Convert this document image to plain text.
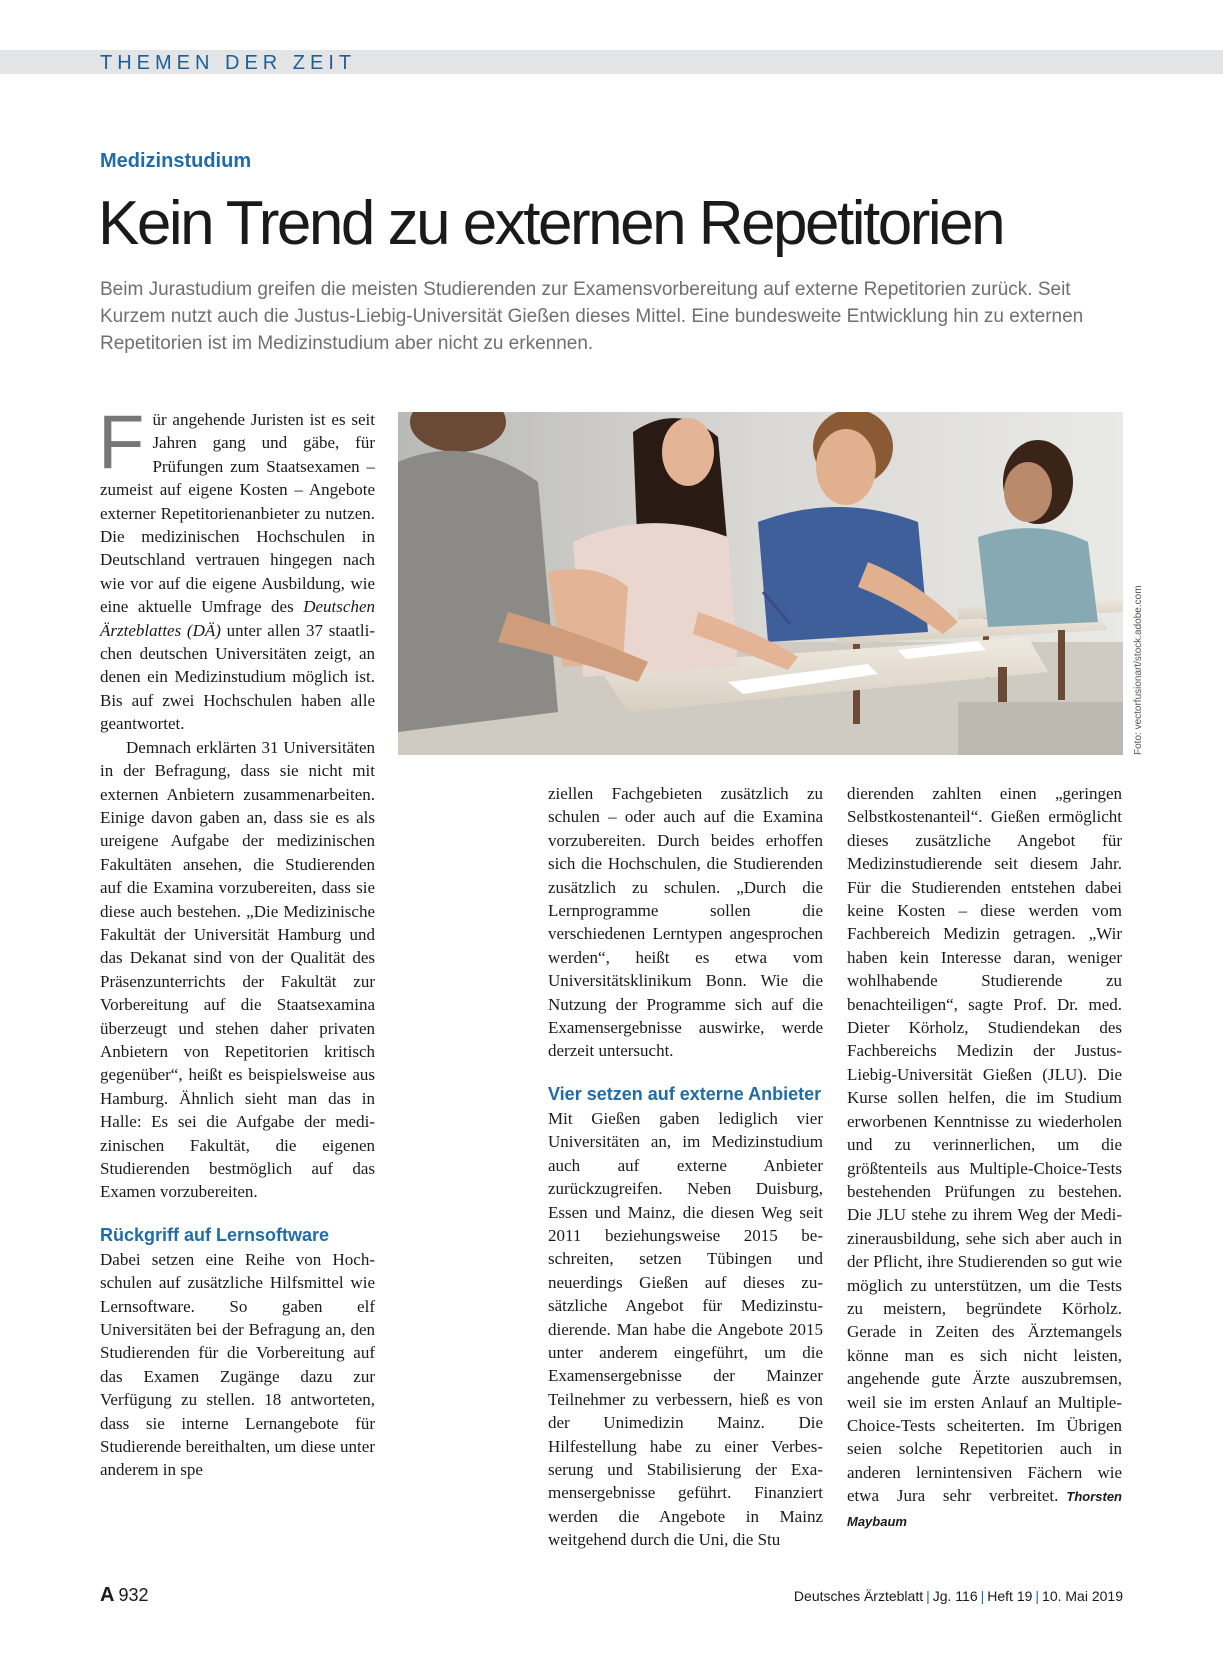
THEMEN DER ZEIT
Medizinstudium
Kein Trend zu externen Repetitorien

Beim Jurastudium greifen die meisten Studierenden zur Examensvorbereitung auf externe Repetitorien zurück. Seit Kurzem nutzt auch die Justus-Liebig-Universität Gießen dieses Mittel. Eine bundesweite Entwicklung hin zu externen Repetitorien ist im Medizinstudium aber nicht zu erkennen.

Foto: vectorfusionart/stock.adobe.com

Für angehende Juristen ist es seit Jahren gang und gäbe, für Prüfungen zum Staatsexamen – zumeist auf eigene Kosten – Angebote externer Repetitorienanbieter zu nutzen. Die medizinischen Hochschulen in Deutschland vertrauen hingegen nach wie vor auf die eigene Ausbildung, wie eine aktuelle Umfrage des Deutschen Ärzteblattes (DÄ) unter allen 37 staatlichen deutschen Universitäten zeigt, an denen ein Medizinstudium möglich ist. Bis auf zwei Hochschulen haben alle geantwortet.

Demnach erklärten 31 Universitäten in der Befragung, dass sie nicht mit externen Anbietern zusammenarbeiten. Einige davon gaben an, dass sie es als ureigene Aufgabe der medizinischen Fakultäten ansehen, die Studierenden auf die Examina vorzubereiten, dass sie diese auch bestehen. „Die Medizinische Fakultät der Universität Hamburg und das Dekanat sind von der Qualität des Präsenzunterrichts der Fakultät zur Vorbereitung auf die Staatsexamina überzeugt und stehen daher privaten Anbietern von Repetitorien kritisch gegenüber“, heißt es beispielsweise aus Hamburg. Ähnlich sieht man das in Halle: Es sei die Aufgabe der medizinischen Fakultät, die eigenen Studierenden bestmöglich auf das Examen vorzubereiten.

Rückgriff auf Lernsoftware

Dabei setzen eine Reihe von Hochschulen auf zusätzliche Hilfsmittel wie Lernsoftware. So gaben elf Universitäten bei der Befragung an, den Studierenden für die Vorbereitung auf das Examen Zugänge dazu zur Verfügung zu stellen. 18 antworteten, dass sie interne Lernangebote für Studierende bereithalten, um diese unter anderem in spe

ziellen Fachgebieten zusätzlich zu schulen – oder auch auf die Examina vorzubereiten. Durch beides erhoffen sich die Hochschulen, die Studierenden zusätzlich zu schulen. „Durch die Lernprogramme sollen die verschiedenen Lerntypen angesprochen werden“, heißt es etwa vom Universitätsklinikum Bonn. Wie die Nutzung der Programme sich auf die Examensergebnisse auswirke, werde derzeit untersucht.

Vier setzen auf externe Anbieter

Mit Gießen gaben lediglich vier Universitäten an, im Medizinstudium auch auf externe Anbieter zurückzugreifen. Neben Duisburg, Essen und Mainz, die diesen Weg seit 2011 beziehungsweise 2015 beschreiten, setzen Tübingen und neuerdings Gießen auf dieses zusätzliche Angebot für Medizinstudierende. Man habe die Angebote 2015 unter anderem eingeführt, um die Examensergebnisse der Mainzer Teilnehmer zu verbessern, hieß es von der Unimedizin Mainz. Die Hilfestellung habe zu einer Verbesserung und Stabilisierung der Examensergebnisse geführt. Finanziert werden die Angebote in Mainz weitgehend durch die Uni, die Stu

dierenden zahlten einen „geringen Selbstkostenanteil“. Gießen ermöglicht dieses zusätzliche Angebot für Medizinstudierende seit diesem Jahr. Für die Studierenden entstehen dabei keine Kosten – diese werden vom Fachbereich Medizin getragen. „Wir haben kein Interesse daran, weniger wohlhabende Studierende zu benachteiligen“, sagte Prof. Dr. med. Dieter Körholz, Studiendekan des Fachbereichs Medizin der Justus-Liebig-Universität Gießen (JLU). Die Kurse sollen helfen, die im Studium erworbenen Kenntnisse zu wiederholen und zu verinnerlichen, um die größtenteils aus Multiple-Choice-Tests bestehenden Prüfungen zu bestehen. Die JLU stehe zu ihrem Weg der Medizinerausbildung, sehe sich aber auch in der Pflicht, ihre Studierenden so gut wie möglich zu unterstützen, um die Tests zu meistern, begründete Körholz. Gerade in Zeiten des Ärztemangels könne man es sich nicht leisten, angehende gute Ärzte auszubremsen, weil sie im ersten Anlauf an Multiple-Choice-Tests scheiterten. Im Übrigen seien solche Repetitorien auch in anderen lernintensiven Fächern wie etwa Jura sehr verbreitet. Thorsten Maybaum

A 932	Deutsches Ärzteblatt | Jg. 116 | Heft 19 | 10. Mai 2019
